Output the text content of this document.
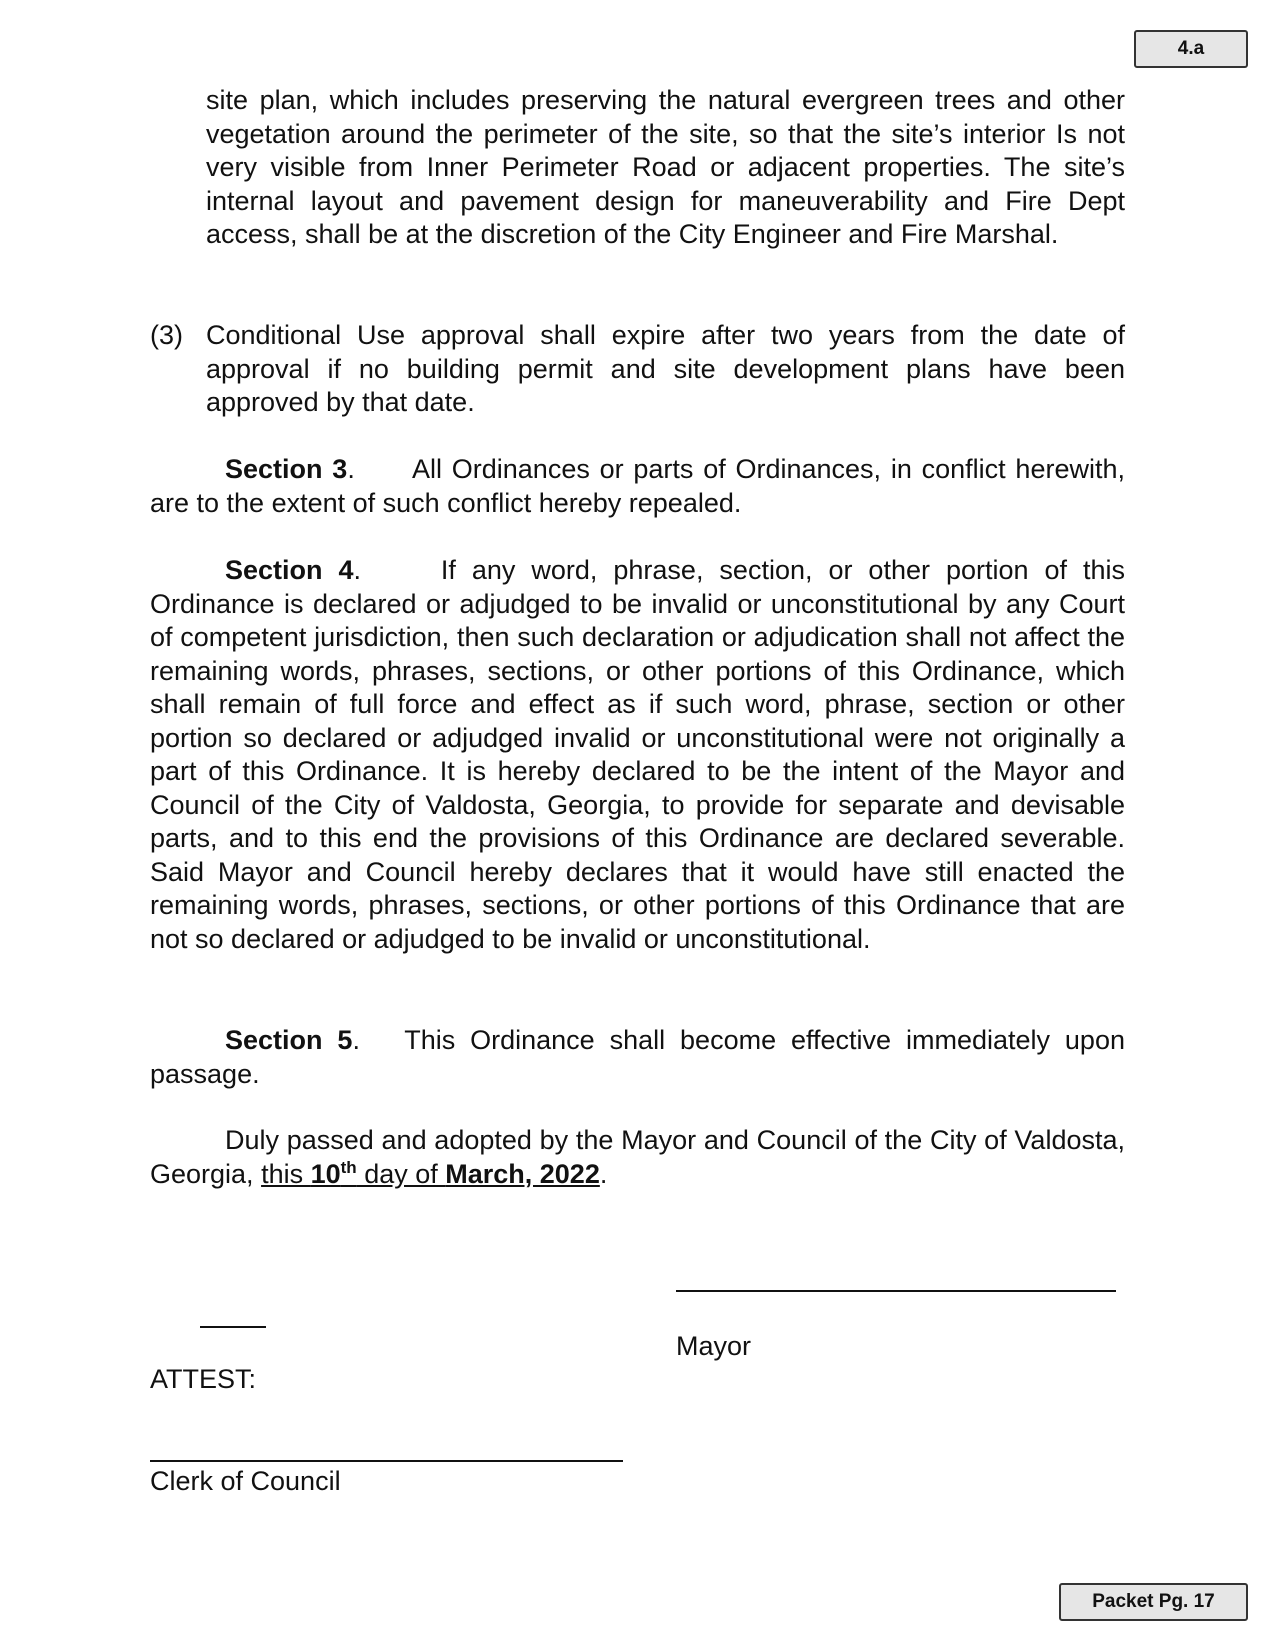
4.a

site plan, which includes preserving the natural evergreen trees and other vegetation around the perimeter of the site, so that the site’s interior Is not very visible from Inner Perimeter Road or adjacent properties. The site’s internal layout and pavement design for maneuverability and Fire Dept access, shall be at the discretion of the City Engineer and Fire Marshal.

(3) Conditional Use approval shall expire after two years from the date of approval if no building permit and site development plans have been approved by that date.

Section 3.      All Ordinances or parts of Ordinances, in conflict herewith, are to the extent of such conflict hereby repealed.

Section 4.     If any word, phrase, section, or other portion of this Ordinance is declared or adjudged to be invalid or unconstitutional by any Court of competent jurisdiction, then such declaration or adjudication shall not affect the remaining words, phrases, sections, or other portions of this Ordinance, which shall remain of full force and effect as if such word, phrase, section or other portion so declared or adjudged invalid or unconstitutional were not originally a part of this Ordinance. It is hereby declared to be the intent of the Mayor and Council of the City of Valdosta, Georgia, to provide for separate and devisable parts, and to this end the provisions of this Ordinance are declared severable. Said Mayor and Council hereby declares that it would have still enacted the remaining words, phrases, sections, or other portions of this Ordinance that are not so declared or adjudged to be invalid or unconstitutional.

Section 5.   This Ordinance shall become effective immediately upon passage.

Duly passed and adopted by the Mayor and Council of the City of Valdosta, Georgia, this 10th day of March, 2022.

Mayor

ATTEST:

Clerk of Council

Packet Pg. 17
